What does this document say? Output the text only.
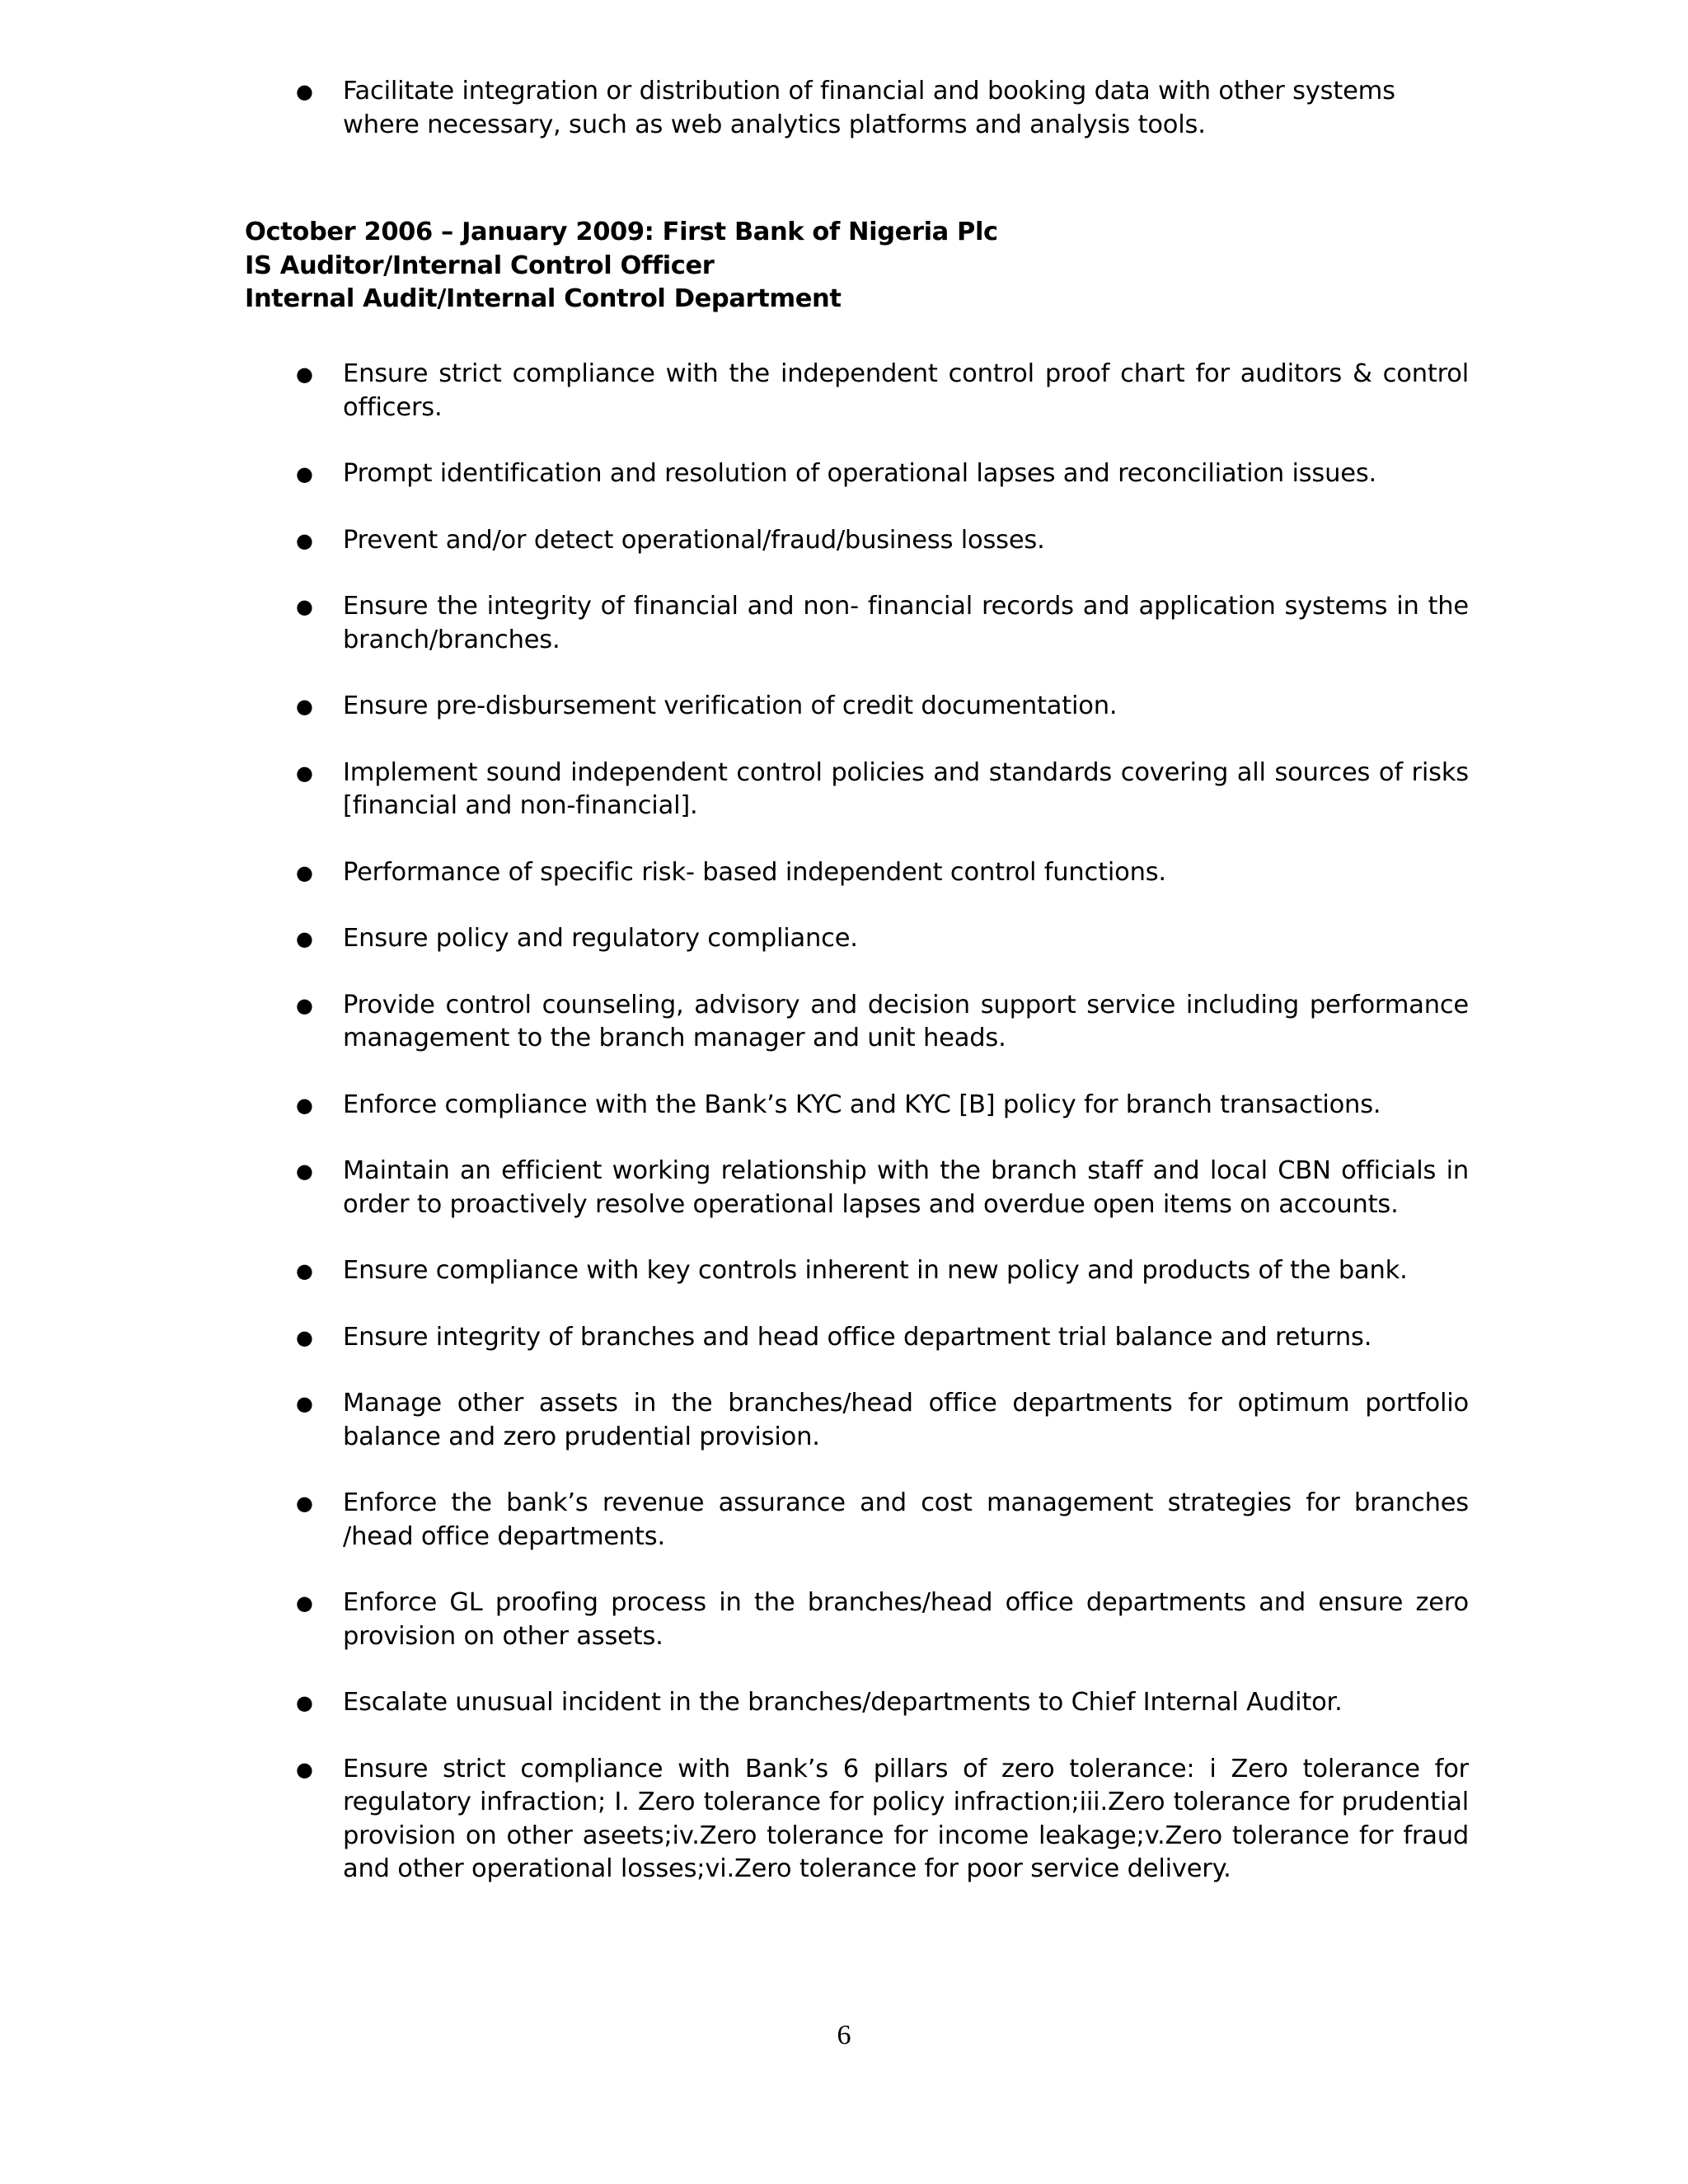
● Facilitate integration or distribution of financial and booking data with other systems where necessary, such as web analytics platforms and analysis tools.
October 2006 – January 2009: First Bank of Nigeria Plc
IS Auditor/Internal Control Officer
Internal Audit/Internal Control Department
● Ensure strict compliance with the independent control proof chart for auditors & control officers.
● Prompt identification and resolution of operational lapses and reconciliation issues.
● Prevent and/or detect operational/fraud/business losses.
● Ensure the integrity of financial and non- financial records and application systems in the branch/branches.
● Ensure pre-disbursement verification of credit documentation.
● Implement sound independent control policies and standards covering all sources of risks [financial and non-financial].
● Performance of specific risk- based independent control functions.
● Ensure policy and regulatory compliance.
● Provide control counseling, advisory and decision support service including performance management to the branch manager and unit heads.
● Enforce compliance with the Bank’s KYC and KYC [B] policy for branch transactions.
● Maintain an efficient working relationship with the branch staff and local CBN officials in order to proactively resolve operational lapses and overdue open items on accounts.
● Ensure compliance with key controls inherent in new policy and products of the bank.
● Ensure integrity of branches and head office department trial balance and returns.
● Manage other assets in the branches/head office departments for optimum portfolio balance and zero prudential provision.
● Enforce the bank’s revenue assurance and cost management strategies for branches /head office departments.
● Enforce GL proofing process in the branches/head office departments and ensure zero provision on other assets.
● Escalate unusual incident in the branches/departments to Chief Internal Auditor.
● Ensure strict compliance with Bank’s 6 pillars of zero tolerance: i Zero tolerance for regulatory infraction; I. Zero tolerance for policy infraction;iii.Zero tolerance for prudential provision on other aseets;iv.Zero tolerance for income leakage;v.Zero tolerance for fraud and other operational losses;vi.Zero tolerance for poor service delivery.
6
